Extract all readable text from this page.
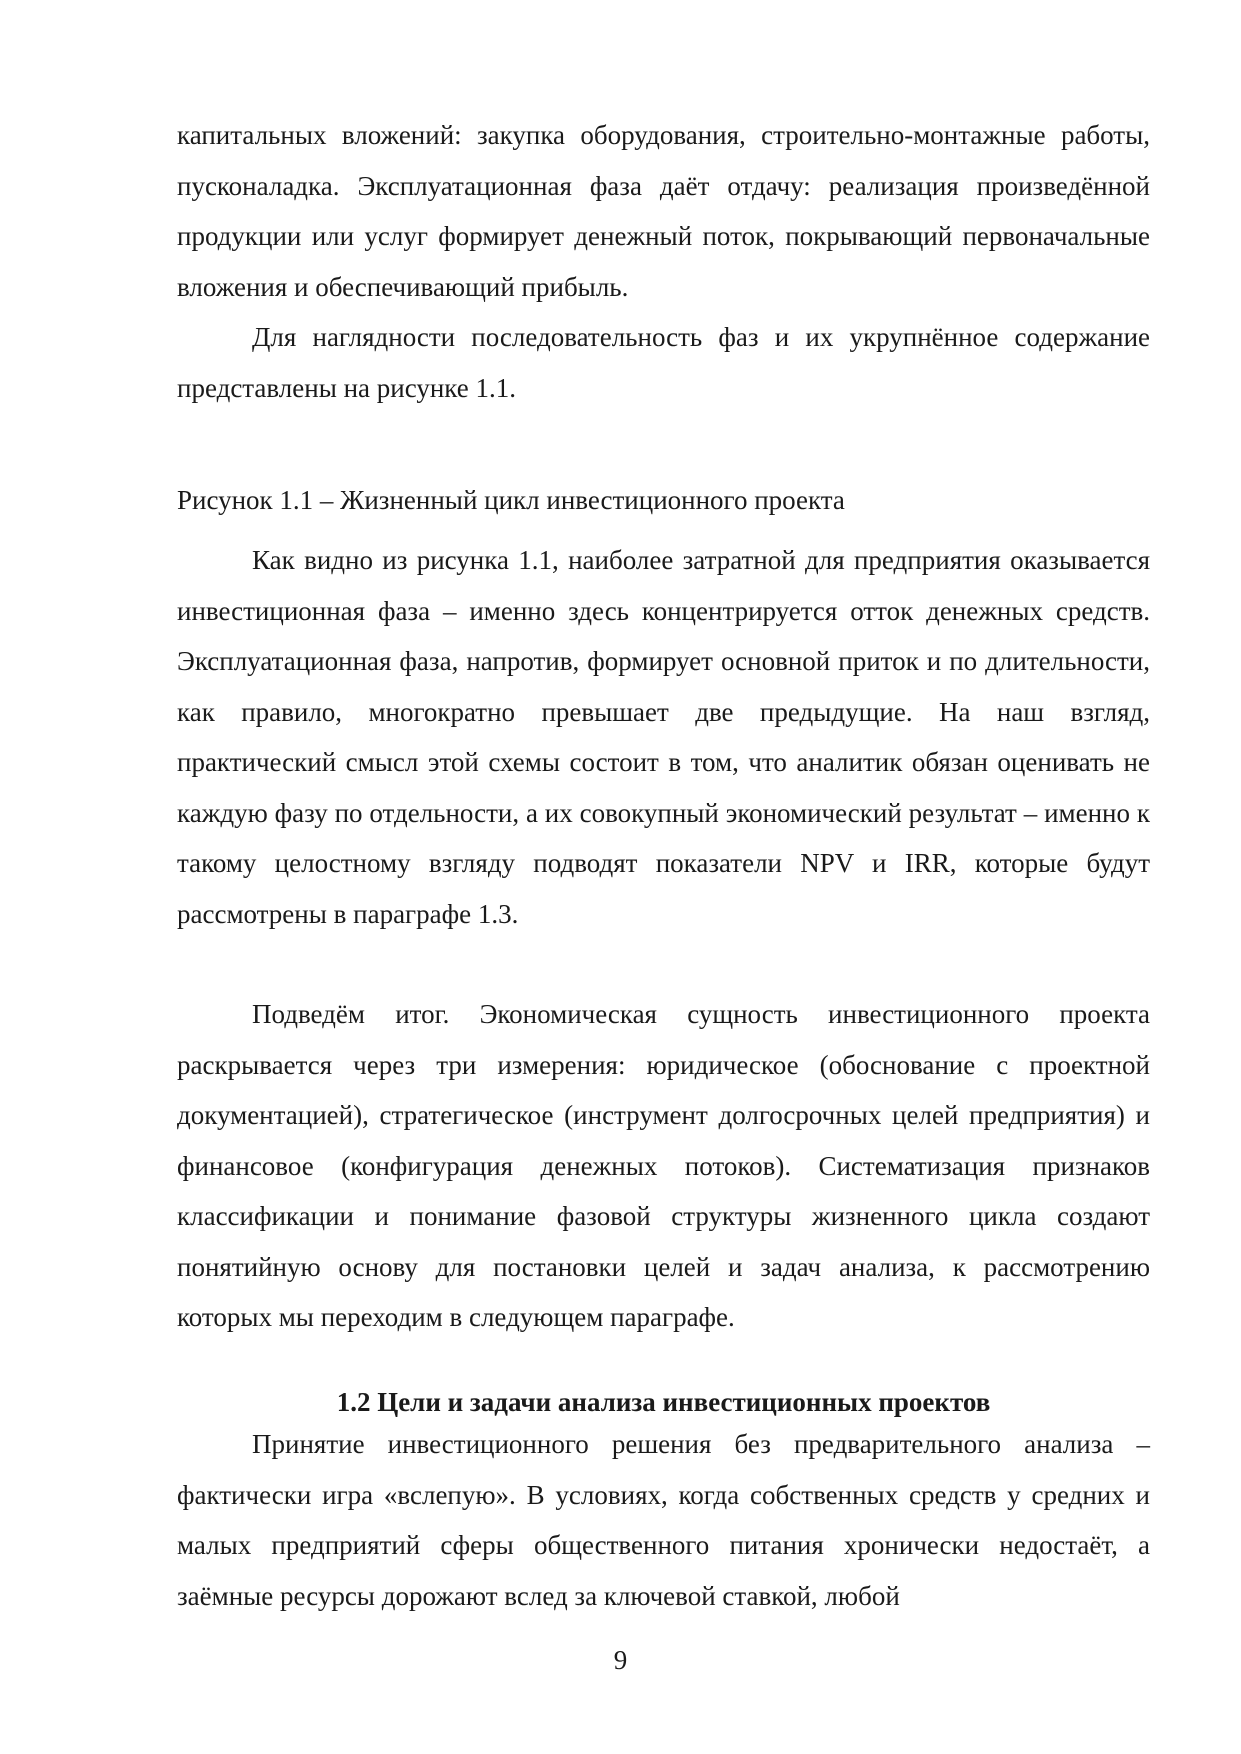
капитальных вложений: закупка оборудования, строительно-монтажные работы, пусконаладка. Эксплуатационная фаза даёт отдачу: реализация произведённой продукции или услуг формирует денежный поток, покрывающий первоначальные вложения и обеспечивающий прибыль.

Для наглядности последовательность фаз и их укрупнённое содержание представлены на рисунке 1.1.

Рисунок 1.1 – Жизненный цикл инвестиционного проекта

Как видно из рисунка 1.1, наиболее затратной для предприятия оказывается инвестиционная фаза – именно здесь концентрируется отток денежных средств. Эксплуатационная фаза, напротив, формирует основной приток и по длительности, как правило, многократно превышает две предыдущие. На наш взгляд, практический смысл этой схемы состоит в том, что аналитик обязан оценивать не каждую фазу по отдельности, а их совокупный экономический результат – именно к такому целостному взгляду подводят показатели NPV и IRR, которые будут рассмотрены в параграфе 1.3.

Подведём итог. Экономическая сущность инвестиционного проекта раскрывается через три измерения: юридическое (обоснование с проектной документацией), стратегическое (инструмент долгосрочных целей предприятия) и финансовое (конфигурация денежных потоков). Систематизация признаков классификации и понимание фазовой структуры жизненного цикла создают понятийную основу для постановки целей и задач анализа, к рассмотрению которых мы переходим в следующем параграфе.

1.2 Цели и задачи анализа инвестиционных проектов

Принятие инвестиционного решения без предварительного анализа – фактически игра «вслепую». В условиях, когда собственных средств у средних и малых предприятий сферы общественного питания хронически недостаёт, а заёмные ресурсы дорожают вслед за ключевой ставкой, любой

9
